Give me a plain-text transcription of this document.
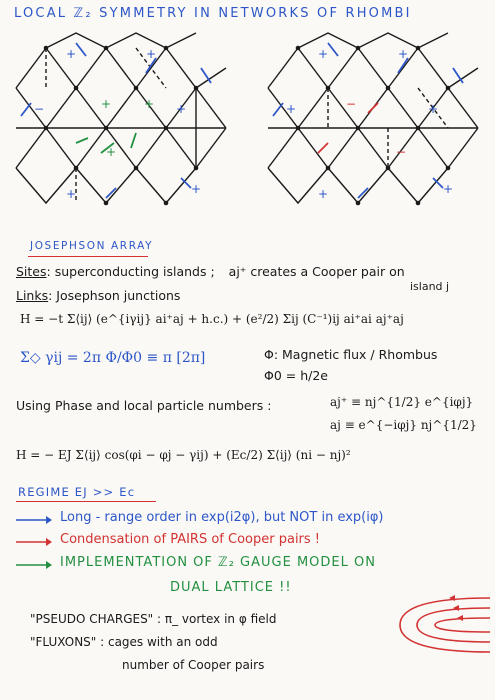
LOCAL ℤ₂ SYMMETRY IN NETWORKS OF RHOMBI
+	+
−	+
+	+
+	+
+
+	+
+	+
+	+
−
−
JOSEPHSON ARRAY
Sites: superconducting islands ; aj⁺ creates a Cooper pair on
island j
Links: Josephson junctions
H = −t Σ⟨ij⟩ (e^{iγij} ai⁺aj + h.c.) + (e²/2) Σij (C⁻¹)ij ai⁺ai aj⁺aj
Σ◇ γij = 2π Φ/Φ0 ≡ π [2π]	Φ: Magnetic flux / Rhombus
Φ0 = h/2e
Using Phase and local particle numbers :	aj⁺ ≡ nj^{1/2} e^{iφj}
aj ≡ e^{−iφj} nj^{1/2}
H = − EJ Σ⟨ij⟩ cos(φi − φj − γij) + (Ec/2) Σ⟨ij⟩ (ni − nj)²
REGIME EJ >> Ec
Long - range order in exp(i2φ), but NOT in exp(iφ)
Condensation of PAIRS of Cooper pairs !
IMPLEMENTATION OF ℤ₂ GAUGE MODEL ON
DUAL LATTICE !!
"PSEUDO CHARGES" : π_ vortex in φ field
"FLUXONS" : cages with an odd
number of Cooper pairs
